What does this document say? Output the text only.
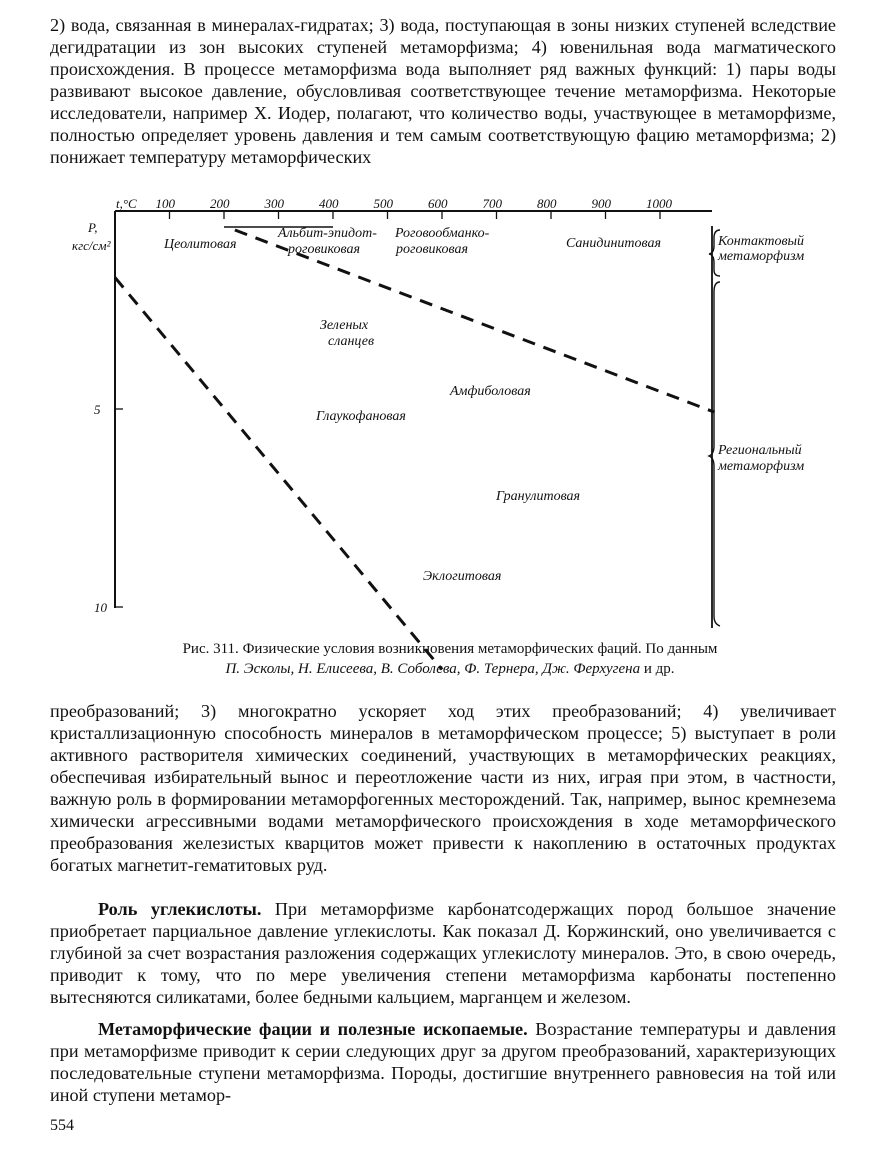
2) вода, связанная в минералах-гидратах; 3) вода, поступающая в зоны низких ступеней вследствие дегидратации из зон высоких ступеней метаморфизма; 4) ювенильная вода магматического происхождения. В процессе метаморфизма вода выполняет ряд важных функций: 1) пары воды развивают высокое давление, обусловливая соответствующее течение метаморфизма. Некоторые исследователи, например Х. Иодер, полагают, что количество воды, участвующее в метаморфизме, полностью определяет уровень давления и тем самым соответствующую фацию метаморфизма; 2) понижает температуру метаморфических

t,°C
P,
кгс/см²
100	200	300	400	500	600	700	800	900	1000
5
10
Цеолитовая
Альбит-эпидот-
роговиковая
Роговообманко-
роговиковая	Санидинитовая
Зеленых
сланцев
Амфиболовая
Глаукофановая
Гранулитовая
Эклогитовая
Контактовый
метаморфизм
Региональный
метаморфизм
Рис. 311. Физические условия возникновения метаморфических фаций. По данным
П. Эсколы, Н. Елисеева, В. Соболева, Ф. Тернера, Дж. Ферхугена и др.

преобразований; 3) многократно ускоряет ход этих преобразований; 4) увеличивает кристаллизационную способность минералов в метаморфическом процессе; 5) выступает в роли активного растворителя химических соединений, участвующих в метаморфических реакциях, обеспечивая избирательный вынос и переотложение части из них, играя при этом, в частности, важную роль в формировании метаморфогенных месторождений. Так, например, вынос кремнезема химически агрессивными водами метаморфического происхождения в ходе метаморфического преобразования железистых кварцитов может привести к накоплению в остаточных продуктах богатых магнетит-гематитовых руд.

Роль углекислоты. При метаморфизме карбонатсодержащих пород большое значение приобретает парциальное давление углекислоты. Как показал Д. Коржинский, оно увеличивается с глубиной за счет возрастания разложения содержащих углекислоту минералов. Это, в свою очередь, приводит к тому, что по мере увеличения степени метаморфизма карбонаты постепенно вытесняются силикатами, более бедными кальцием, марганцем и железом.

Метаморфические фации и полезные ископаемые. Возрастание температуры и давления при метаморфизме приводит к серии следующих друг за другом преобразований, характеризующих последовательные ступени метаморфизма. Породы, достигшие внутреннего равновесия на той или иной ступени метамор-

554
